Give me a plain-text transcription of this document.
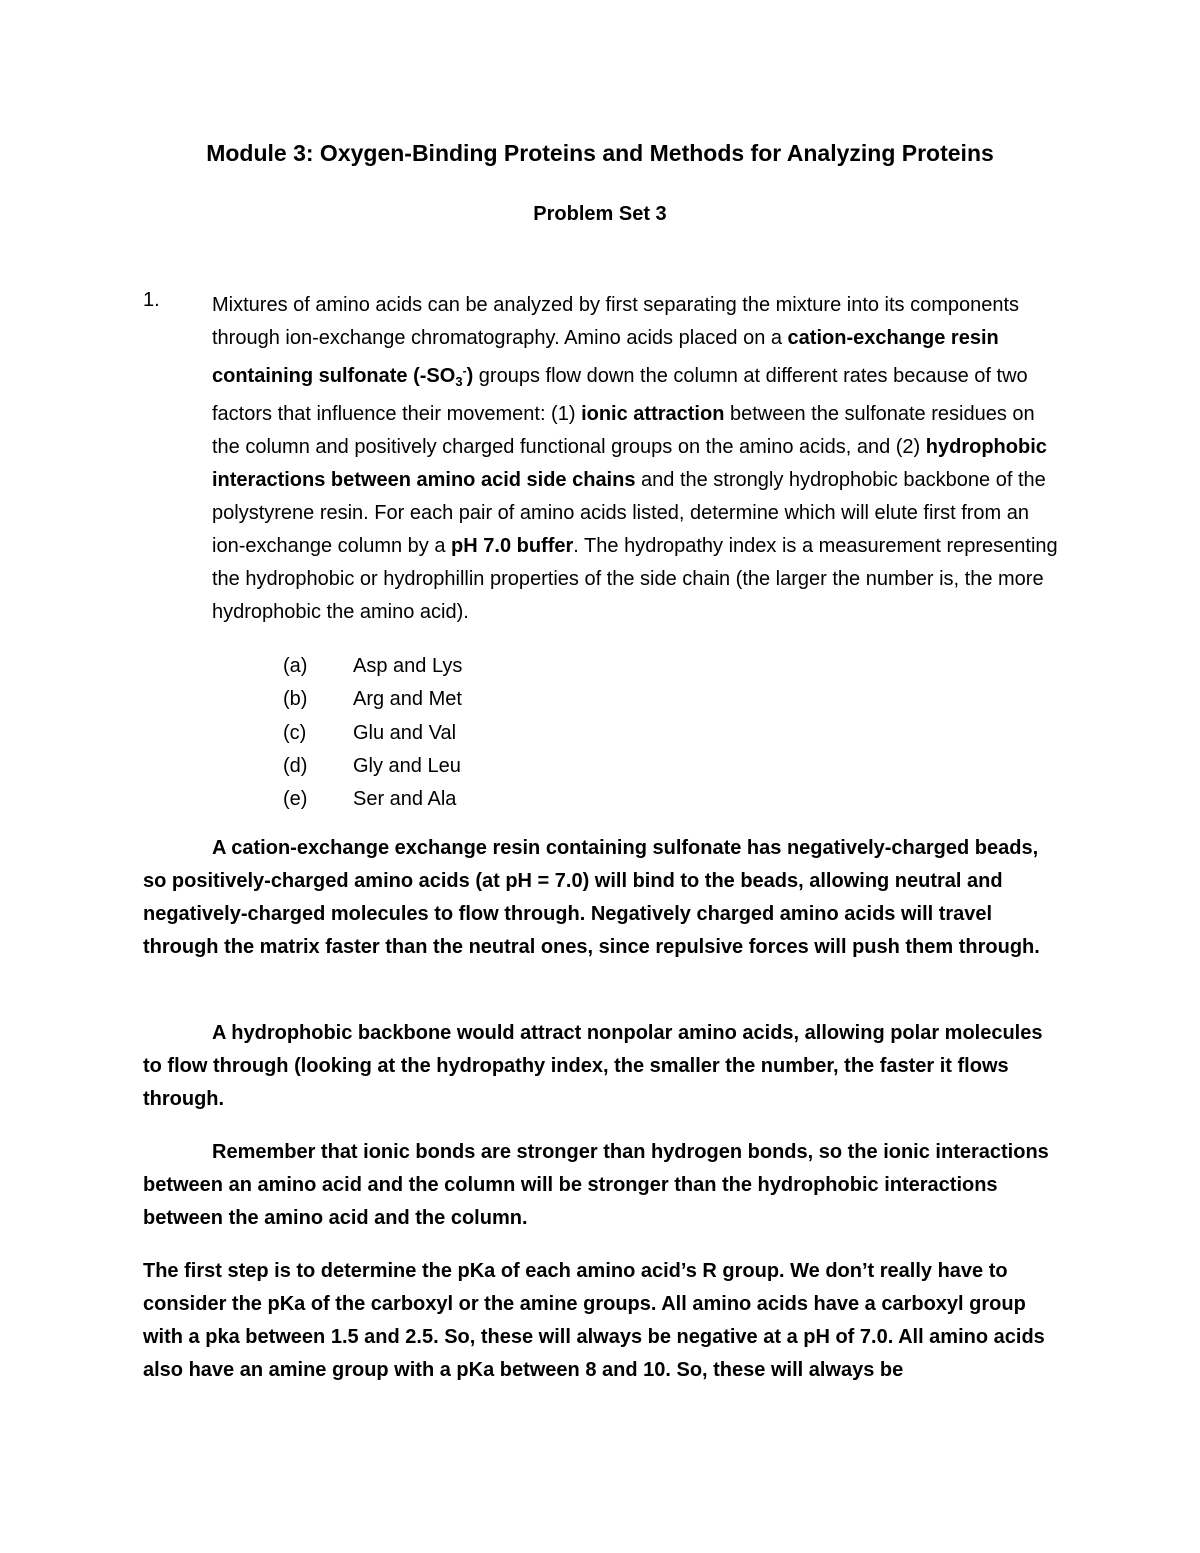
Module 3: Oxygen-Binding Proteins and Methods for Analyzing Proteins
Problem Set 3
1.	Mixtures of amino acids can be analyzed by first separating the mixture into its components through ion-exchange chromatography. Amino acids placed on a cation-exchange resin containing sulfonate $(-SO_3^-)$ groups flow down the column at different rates because of two factors that influence their movement: (1) ionic attraction between the sulfonate residues on the column and positively charged functional groups on the amino acids, and (2) hydrophobic interactions between amino acid side chains and the strongly hydrophobic backbone of the polystyrene resin. For each pair of amino acids listed, determine which will elute first from an ion-exchange column by a pH 7.0 buffer. The hydropathy index is a measurement representing the hydrophobic or hydrophillin properties of the side chain (the larger the number is, the more hydrophobic the amino acid).
(a)	Asp and Lys
(b)	Arg and Met
(c)	Glu and Val
(d)	Gly and Leu
(e)	Ser and Ala
A cation-exchange exchange resin containing sulfonate has negatively-charged beads, so positively-charged amino acids (at pH = 7.0) will bind to the beads, allowing neutral and negatively-charged molecules to flow through. Negatively charged amino acids will travel through the matrix faster than the neutral ones, since repulsive forces will push them through.
A hydrophobic backbone would attract nonpolar amino acids, allowing polar molecules to flow through (looking at the hydropathy index, the smaller the number, the faster it flows through.
Remember that ionic bonds are stronger than hydrogen bonds, so the ionic interactions between an amino acid and the column will be stronger than the hydrophobic interactions between the amino acid and the column.
The first step is to determine the pKa of each amino acid’s R group. We don’t really have to consider the pKa of the carboxyl or the amine groups. All amino acids have a carboxyl group with a pka between 1.5 and 2.5. So, these will always be negative at a pH of 7.0. All amino acids also have an amine group with a pKa between 8 and 10. So, these will always be
